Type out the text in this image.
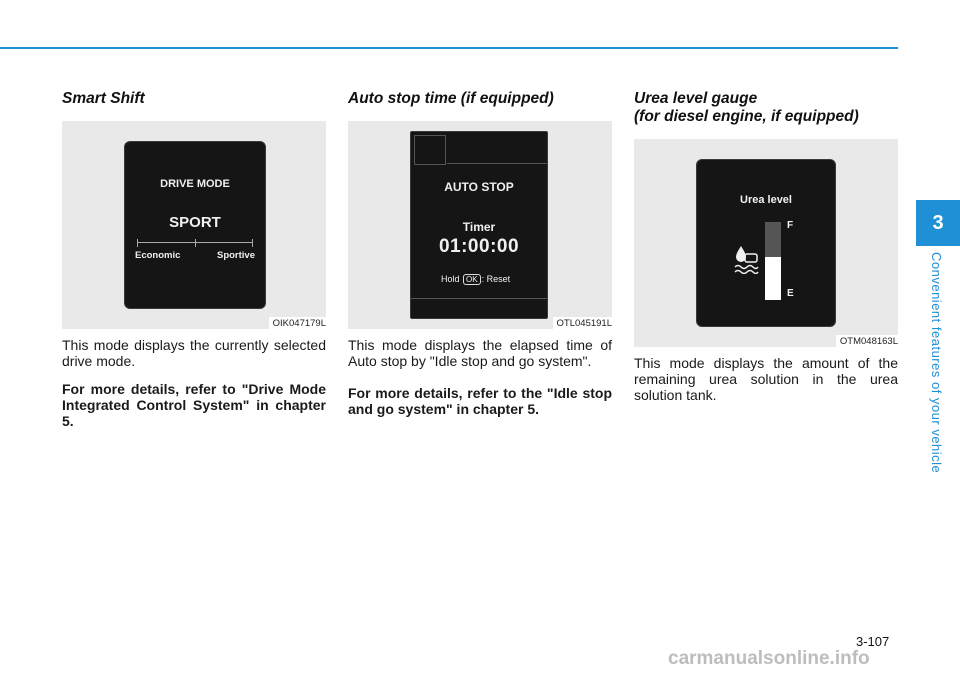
3
Convenient features of your vehicle
Smart Shift
DRIVE MODE
SPORT
Economic	Sportive
OIK047179L

This mode displays the currently selected drive mode.

For more details, refer to "Drive Mode Integrated Control System" in chapter 5.

Auto stop time (if equipped)
AUTO STOP
Timer
01:00:00
Hold OK : Reset
OTL045191L

This mode displays the elapsed time of Auto stop by "Idle stop and go system".

For more details, refer to the "Idle stop and go system" in chapter 5.

Urea level gauge
(for diesel engine, if equipped)
Urea level
F
E
OTM048163L

This mode displays the amount of the remaining urea solution in the urea solution tank.

3-107
carmanualsonline.info
